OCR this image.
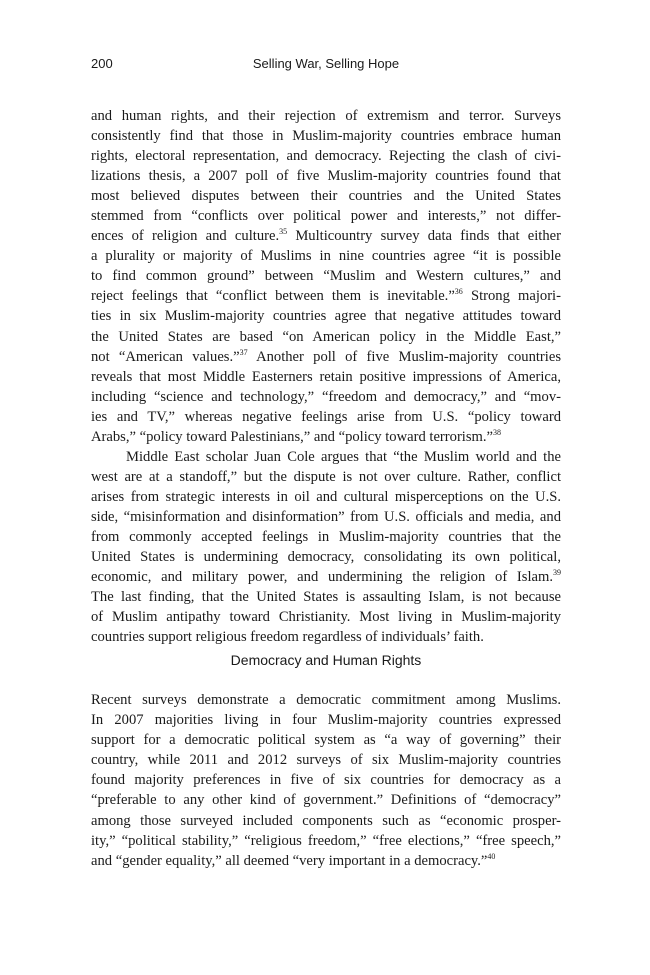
200	Selling War, Selling Hope
and human rights, and their rejection of extremism and terror. Surveys
consistently find that those in Muslim-majority countries embrace human
rights, electoral representation, and democracy. Rejecting the clash of civi-
lizations thesis, a 2007 poll of five Muslim-majority countries found that
most believed disputes between their countries and the United States
stemmed from “conflicts over political power and interests,” not differ-
ences of religion and culture.$^{35}$ Multicountry survey data finds that either
a plurality or majority of Muslims in nine countries agree “it is possible
to find common ground” between “Muslim and Western cultures,” and
reject feelings that “conflict between them is inevitable.”$^{36}$ Strong majori-
ties in six Muslim-majority countries agree that negative attitudes toward
the United States are based “on American policy in the Middle East,”
not “American values.”$^{37}$ Another poll of five Muslim-majority countries
reveals that most Middle Easterners retain positive impressions of America,
including “science and technology,” “freedom and democracy,” and “mov-
ies and TV,” whereas negative feelings arise from U.S. “policy toward
Arabs,” “policy toward Palestinians,” and “policy toward terrorism.”$^{38}$
Middle East scholar Juan Cole argues that “the Muslim world and the
west are at a standoff,” but the dispute is not over culture. Rather, conflict
arises from strategic interests in oil and cultural misperceptions on the U.S.
side, “misinformation and disinformation” from U.S. officials and media, and
from commonly accepted feelings in Muslim-majority countries that the
United States is undermining democracy, consolidating its own political,
economic, and military power, and undermining the religion of Islam.$^{39}$
The last finding, that the United States is assaulting Islam, is not because
of Muslim antipathy toward Christianity. Most living in Muslim-majority
countries support religious freedom regardless of individuals’ faith.
Democracy and Human Rights
Recent surveys demonstrate a democratic commitment among Muslims.
In 2007 majorities living in four Muslim-majority countries expressed
support for a democratic political system as “a way of governing” their
country, while 2011 and 2012 surveys of six Muslim-majority countries
found majority preferences in five of six countries for democracy as a
“preferable to any other kind of government.” Definitions of “democracy”
among those surveyed included components such as “economic prosper-
ity,” “political stability,” “religious freedom,” “free elections,” “free speech,”
and “gender equality,” all deemed “very important in a democracy.”$^{40}$
